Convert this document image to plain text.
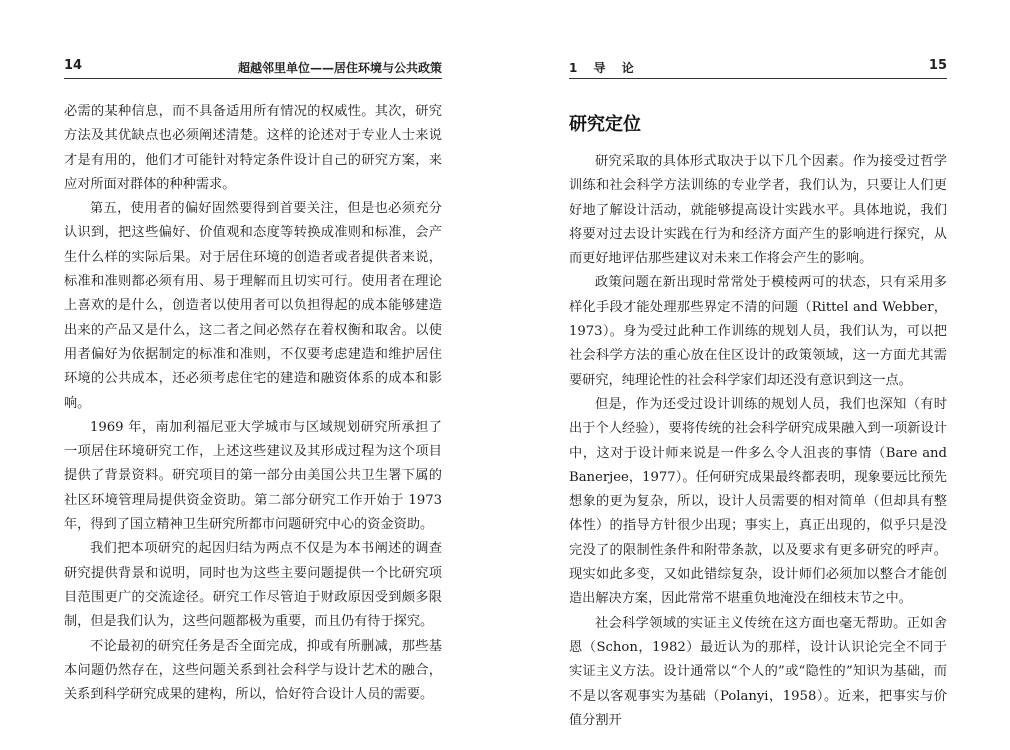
14	超越邻里单位——居住环境与公共政策

必需的某种信息，而不具备适用所有情况的权威性。其次，研究方法及其优缺点也必须阐述清楚。这样的论述对于专业人士来说才是有用的，他们才可能针对特定条件设计自己的研究方案，来应对所面对群体的种种需求。

第五，使用者的偏好固然要得到首要关注，但是也必须充分认识到，把这些偏好、价值观和态度等转换成准则和标准，会产生什么样的实际后果。对于居住环境的创造者或者提供者来说，标准和准则都必须有用、易于理解而且切实可行。使用者在理论上喜欢的是什么，创造者以使用者可以负担得起的成本能够建造出来的产品又是什么，这二者之间必然存在着权衡和取舍。以使用者偏好为依据制定的标准和准则，不仅要考虑建造和维护居住环境的公共成本，还必须考虑住宅的建造和融资体系的成本和影响。

1969 年，南加利福尼亚大学城市与区域规划研究所承担了一项居住环境研究工作，上述这些建议及其形成过程为这个项目提供了背景资料。研究项目的第一部分由美国公共卫生署下属的社区环境管理局提供资金资助。第二部分研究工作开始于 1973 年，得到了国立精神卫生研究所都市问题研究中心的资金资助。

我们把本项研究的起因归结为两点不仅是为本书阐述的调查研究提供背景和说明，同时也为这些主要问题提供一个比研究项目范围更广的交流途径。研究工作尽管迫于财政原因受到颇多限制，但是我们认为，这些问题都极为重要，而且仍有待于探究。

不论最初的研究任务是否全面完成，抑或有所删减，那些基本问题仍然存在，这些问题关系到社会科学与设计艺术的融合，关系到科学研究成果的建构，所以，恰好符合设计人员的需要。

1 导 论	15
研究定位

研究采取的具体形式取决于以下几个因素。作为接受过哲学训练和社会科学方法训练的专业学者，我们认为，只要让人们更好地了解设计活动，就能够提高设计实践水平。具体地说，我们将要对过去设计实践在行为和经济方面产生的影响进行探究，从而更好地评估那些建议对未来工作将会产生的影响。

政策问题在新出现时常常处于模棱两可的状态，只有采用多样化手段才能处理那些界定不清的问题（Rittel and Webber，1973）。身为受过此种工作训练的规划人员，我们认为，可以把社会科学方法的重心放在住区设计的政策领域，这一方面尤其需要研究，纯理论性的社会科学家们却还没有意识到这一点。

但是，作为还受过设计训练的规划人员，我们也深知（有时出于个人经验），要将传统的社会科学研究成果融入到一项新设计中，这对于设计师来说是一件多么令人沮丧的事情（Bare and Banerjee，1977）。任何研究成果最终都表明，现象要远比预先想象的更为复杂，所以，设计人员需要的相对简单（但却具有整体性）的指导方针很少出现；事实上，真正出现的，似乎只是没完没了的限制性条件和附带条款，以及要求有更多研究的呼声。现实如此多变，又如此错综复杂，设计师们必须加以整合才能创造出解决方案，因此常常不堪重负地淹没在细枝末节之中。

社会科学领域的实证主义传统在这方面也毫无帮助。正如舍恩（Schon，1982）最近认为的那样，设计认识论完全不同于实证主义方法。设计通常以“个人的”或“隐性的”知识为基础，而不是以客观事实为基础（Polanyi，1958）。近来，把事实与价值分割开
